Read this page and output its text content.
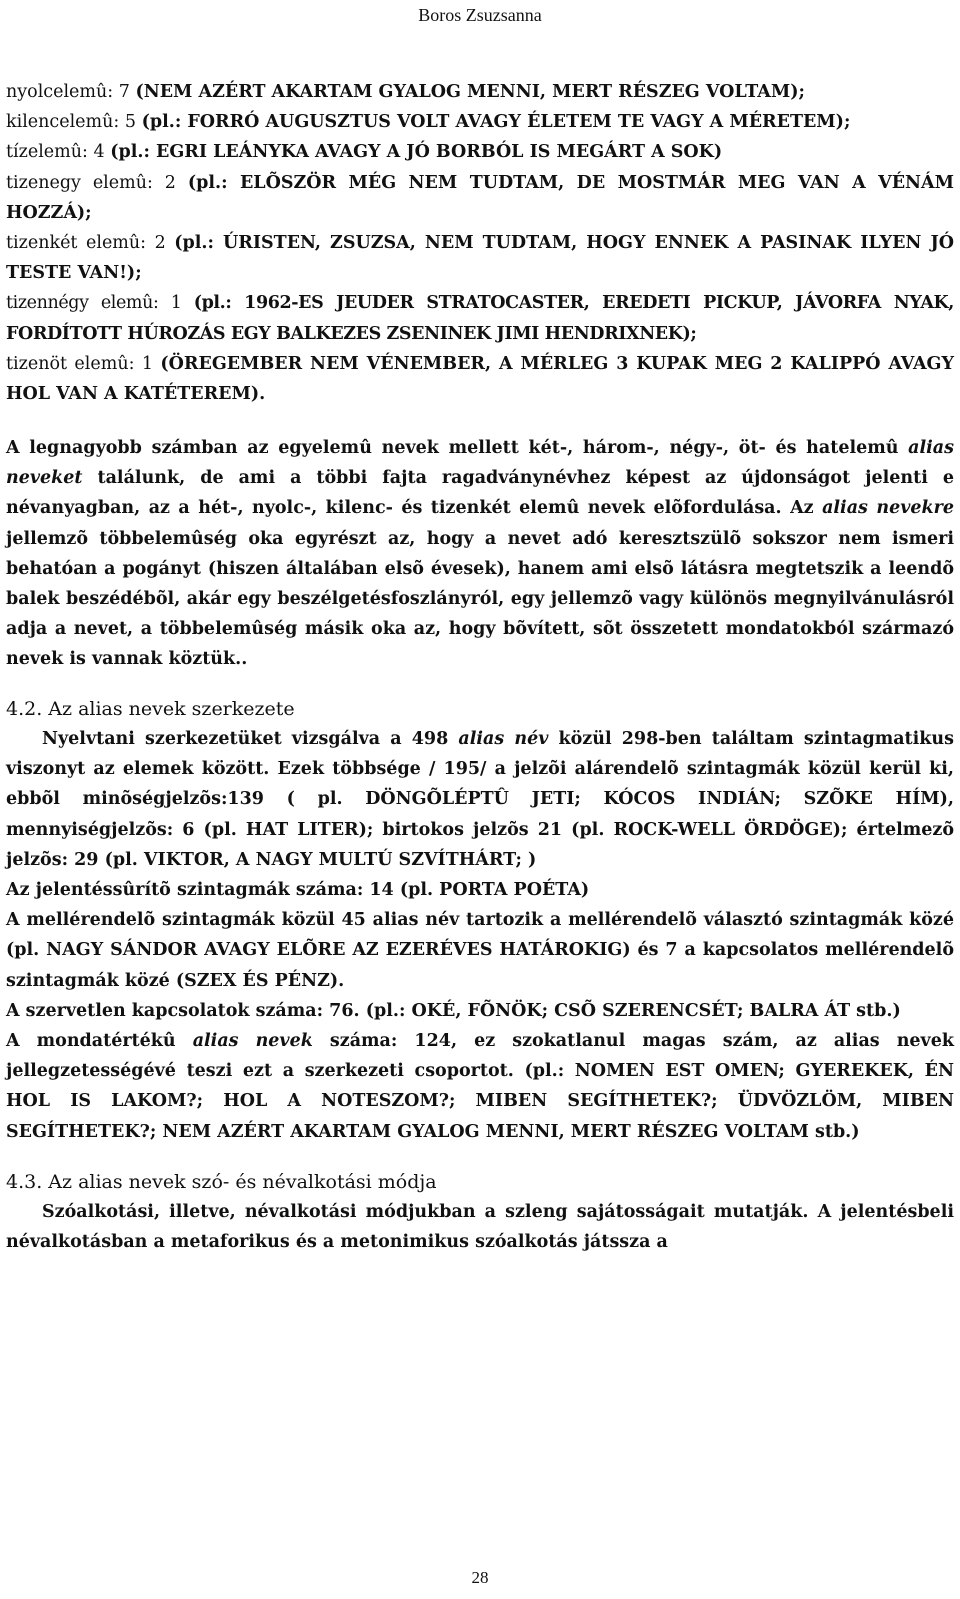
Boros Zsuzsanna
nyolcelemû: 7 (NEM AZÉRT AKARTAM GYALOG MENNI, MERT RÉSZEG VOLTAM);
kilencelemû: 5 (pl.: FORRÓ AUGUSZTUS VOLT AVAGY ÉLETEM TE VAGY A MÉRETEM);
tízelemû: 4 (pl.: EGRI LEÁNYKA AVAGY A JÓ BORBÓL IS MEGÁRT A SOK)
tizenegy elemû: 2 (pl.: ELÕSZÖR MÉG NEM TUDTAM, DE MOSTMÁR MEG VAN A VÉNÁM HOZZÁ);
tizenkét elemû: 2 (pl.: ÚRISTEN, ZSUZSA, NEM TUDTAM, HOGY ENNEK A PASINAK ILYEN JÓ TESTE VAN!);
tizennégy elemû: 1 (pl.: 1962-ES JEUDER STRATOCASTER, EREDETI PICKUP, JÁVORFA NYAK, FORDÍTOTT HÚROZÁS EGY BALKEZES ZSENINEK JIMI HENDRIXNEK);
tizenöt elemû: 1 (ÖREGEMBER NEM VÉNEMBER, A MÉRLEG 3 KUPAK MEG 2 KALIPPÓ AVAGY HOL VAN A KATÉTEREM).
A legnagyobb számban az egyelemû nevek mellett két-, három-, négy-, öt- és hatelemû alias neveket találunk, de ami a többi fajta ragadványnévhez képest az újdonságot jelenti e névanyagban, az a hét-, nyolc-, kilenc- és tizenkét elemû nevek elõfordulása. Az alias nevekre jellemzõ többelemûség oka egyrészt az, hogy a nevet adó keresztszülõ sokszor nem ismeri behatóan a pogányt (hiszen általában elsõ évesek), hanem ami elsõ látásra megtetszik a leendõ balek beszédébõl, akár egy beszélgetésfoszlányról, egy jellemzõ vagy különös megnyilvánulásról adja a nevet, a többelemûség másik oka az, hogy bõvített, sõt összetett mondatokból származó nevek is vannak köztük..
4.2. Az alias nevek szerkezete
Nyelvtani szerkezetüket vizsgálva a 498 alias név közül 298-ben találtam szintagmatikus viszonyt az elemek között. Ezek többsége / 195/ a jelzõi alárendelõ szintagmák közül kerül ki, ebbõl minõségjelzõs:139 ( pl. DÖNGÕLÉPTÛ JETI; KÓCOS INDIÁN; SZÕKE HÍM), mennyiségjelzõs: 6 (pl. HAT LITER); birtokos jelzõs 21 (pl. ROCK-WELL ÖRDÖGE); értelmezõ jelzõs: 29 (pl. VIKTOR, A NAGY MULTÚ SZVÍTHÁRT; )
Az jelentéssûrítõ szintagmák száma: 14 (pl. PORTA POÉTA)
A mellérendelõ szintagmák közül 45 alias név tartozik a mellérendelõ választó szintagmák közé (pl. NAGY SÁNDOR AVAGY ELÕRE AZ EZERÉVES HATÁROKIG) és 7 a kapcsolatos mellérendelõ szintagmák közé (SZEX ÉS PÉNZ).
A szervetlen kapcsolatok száma: 76. (pl.: OKÉ, FÕNÖK; CSÕ SZERENCSÉT; BALRA ÁT stb.)
A mondatértékû alias nevek száma: 124, ez szokatlanul magas szám, az alias nevek jellegzetességévé teszi ezt a szerkezeti csoportot. (pl.: NOMEN EST OMEN; GYEREKEK, ÉN HOL IS LAKOM?; HOL A NOTESZOM?; MIBEN SEGÍTHETEK?; ÜDVÖZLÖM, MIBEN SEGÍTHETEK?; NEM AZÉRT AKARTAM GYALOG MENNI, MERT RÉSZEG VOLTAM stb.)
4.3. Az alias nevek szó- és névalkotási módja
Szóalkotási, illetve, névalkotási módjukban a szleng sajátosságait mutatják. A jelentésbeli névalkotásban a metaforikus és a metonimikus szóalkotás játssza a
28
